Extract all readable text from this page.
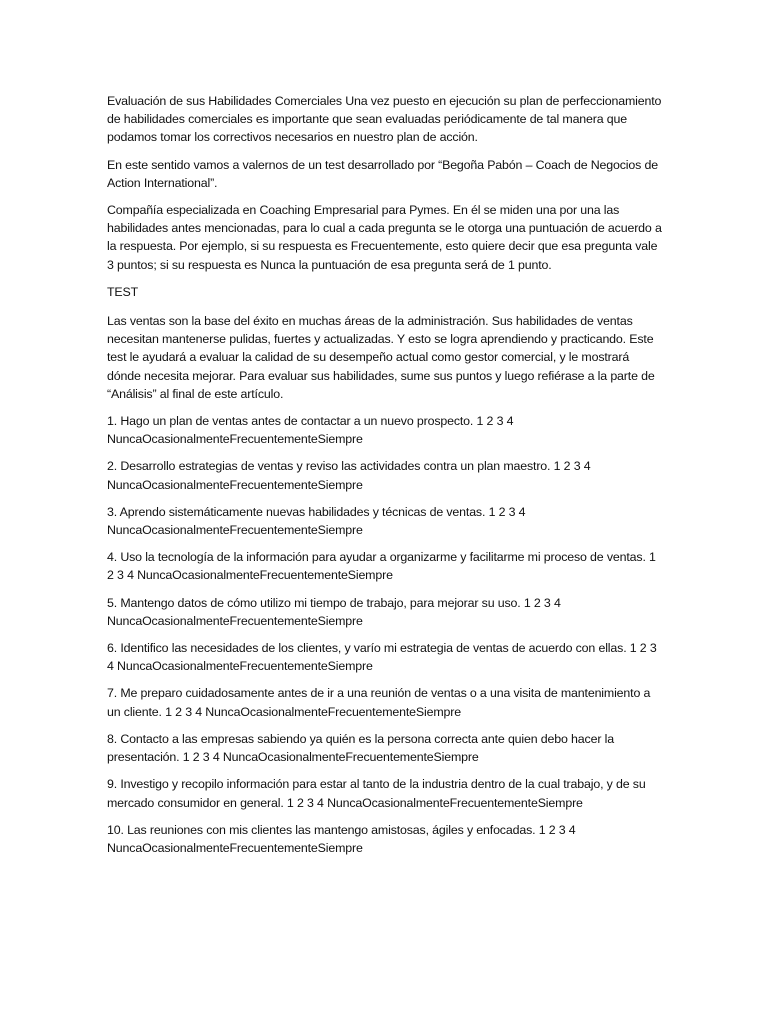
Evaluación de sus Habilidades Comerciales Una vez puesto en ejecución su plan de perfeccionamiento de habilidades comerciales es importante que sean evaluadas periódicamente de tal manera que podamos tomar los correctivos necesarios en nuestro plan de acción.

En este sentido vamos a valernos de un test desarrollado por “Begoña Pabón – Coach de Negocios de Action International”.

Compañía especializada en Coaching Empresarial para Pymes. En él se miden una por una las habilidades antes mencionadas, para lo cual a cada pregunta se le otorga una puntuación de acuerdo a la respuesta. Por ejemplo, si su respuesta es Frecuentemente, esto quiere decir que esa pregunta vale 3 puntos; si su respuesta es Nunca la puntuación de esa pregunta será de 1 punto.

TEST

Las ventas son la base del éxito en muchas áreas de la administración. Sus habilidades de ventas necesitan mantenerse pulidas, fuertes y actualizadas. Y esto se logra aprendiendo y practicando. Este test le ayudará a evaluar la calidad de su desempeño actual como gestor comercial, y le mostrará dónde necesita mejorar. Para evaluar sus habilidades, sume sus puntos y luego refiérase a la parte de “Análisis” al final de este artículo.

1. Hago un plan de ventas antes de contactar a un nuevo prospecto. 1 2 3 4 NuncaOcasionalmenteFrecuentementeSiempre

2. Desarrollo estrategias de ventas y reviso las actividades contra un plan maestro. 1 2 3 4 NuncaOcasionalmenteFrecuentementeSiempre

3. Aprendo sistemáticamente nuevas habilidades y técnicas de ventas. 1 2 3 4 NuncaOcasionalmenteFrecuentementeSiempre

4. Uso la tecnología de la información para ayudar a organizarme y facilitarme mi proceso de ventas. 1 2 3 4 NuncaOcasionalmenteFrecuentementeSiempre

5. Mantengo datos de cómo utilizo mi tiempo de trabajo, para mejorar su uso. 1 2 3 4 NuncaOcasionalmenteFrecuentementeSiempre

6. Identifico las necesidades de los clientes, y varío mi estrategia de ventas de acuerdo con ellas. 1 2 3 4 NuncaOcasionalmenteFrecuentementeSiempre

7. Me preparo cuidadosamente antes de ir a una reunión de ventas o a una visita de mantenimiento a un cliente. 1 2 3 4 NuncaOcasionalmenteFrecuentementeSiempre

8. Contacto a las empresas sabiendo ya quién es la persona correcta ante quien debo hacer la presentación. 1 2 3 4 NuncaOcasionalmenteFrecuentementeSiempre

9. Investigo y recopilo información para estar al tanto de la industria dentro de la cual trabajo, y de su mercado consumidor en general. 1 2 3 4 NuncaOcasionalmenteFrecuentementeSiempre

10. Las reuniones con mis clientes las mantengo amistosas, ágiles y enfocadas. 1 2 3 4 NuncaOcasionalmenteFrecuentementeSiempre
